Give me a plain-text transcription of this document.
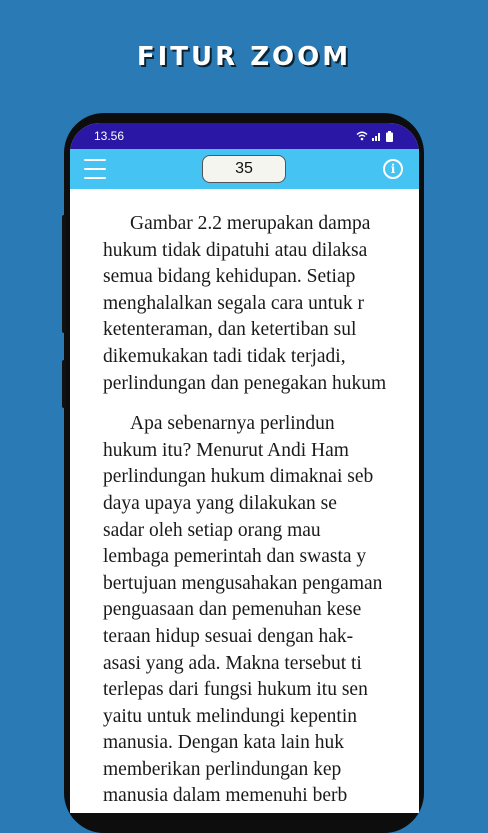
FITUR ZOOM
13.56
35	i
Gambar 2.2 merupakan dampa
hukum tidak dipatuhi atau dilaksa
semua bidang kehidupan. Setiap
menghalalkan segala cara untuk r
ketenteraman, dan ketertiban sul
dikemukakan tadi tidak terjadi,
perlindungan dan penegakan hukum
Apa sebenarnya perlindun
hukum itu? Menurut Andi Ham
perlindungan hukum dimaknai seb
daya upaya yang dilakukan se
sadar oleh setiap orang mau
lembaga pemerintah dan swasta y
bertujuan mengusahakan pengaman
penguasaan dan pemenuhan kese
teraan hidup sesuai dengan hak-
asasi yang ada. Makna tersebut ti
terlepas dari fungsi hukum itu sen
yaitu untuk melindungi kepentin
manusia. Dengan kata lain huk
memberikan perlindungan kep
manusia dalam memenuhi berb
